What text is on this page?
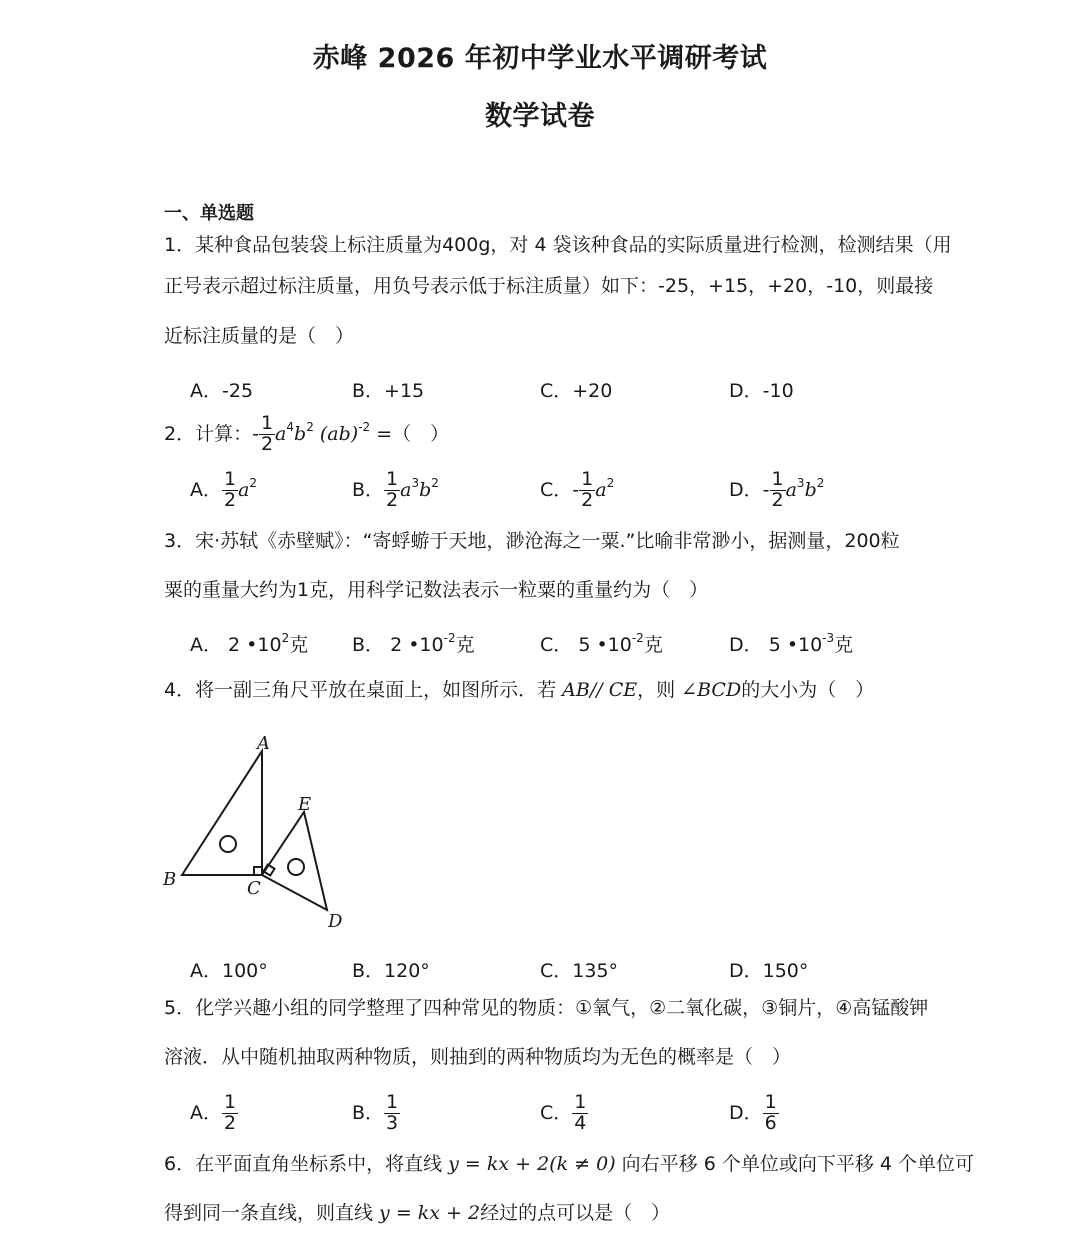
赤峰 2026 年初中学业水平调研考试
数学试卷
一、单选题
1．某种食品包装袋上标注质量为400g，对 4 袋该种食品的实际质量进行检测，检测结果（用
正号表示超过标注质量，用负号表示低于标注质量）如下：-25，+15，+20，-10，则最接
近标注质量的是（　）
A．-25	B．+15	C．+20	D．-10
2．计算：- $\frac{1}{2} a^4b^2$ (ab)$^{-2}$ =（　）
A． $\frac{1}{2} a^2$	B． $\frac{1}{2} a^3b^2$	C．- $\frac{1}{2} a^2$	D．- $\frac{1}{2} a^3b^2$
3．宋·苏轼《赤壁赋》：“寄蜉蝣于天地，渺沧海之一粟.”比喻非常渺小，据测量，200粒
粟的重量大约为1克，用科学记数法表示一粒粟的重量约为（　）
A． 2 $•10^2$克 B． 2 $•10^{-2}$克	C． 5 $•10^{-2}$克	D． 5 $•10^{-3}$克
4．将一副三角尺平放在桌面上，如图所示．若 AB// CE，则 ∠BCD的大小为（　）
A
B	C
E
D
A．100°	B．120°	C．135°	D．150°
5．化学兴趣小组的同学整理了四种常见的物质：①氧气，②二氧化碳，③铜片，④高锰酸钾
溶液．从中随机抽取两种物质，则抽到的两种物质均为无色的概率是（　）
A． $\frac{1}{2}$	B． $\frac{1}{3}$	C． $\frac{1}{4}$	D． $\frac{1}{6}$
6．在平面直角坐标系中，将直线 y = kx + 2(k ≠ 0) 向右平移 6 个单位或向下平移 4 个单位可
得到同一条直线，则直线 y = kx + 2经过的点可以是（　）
